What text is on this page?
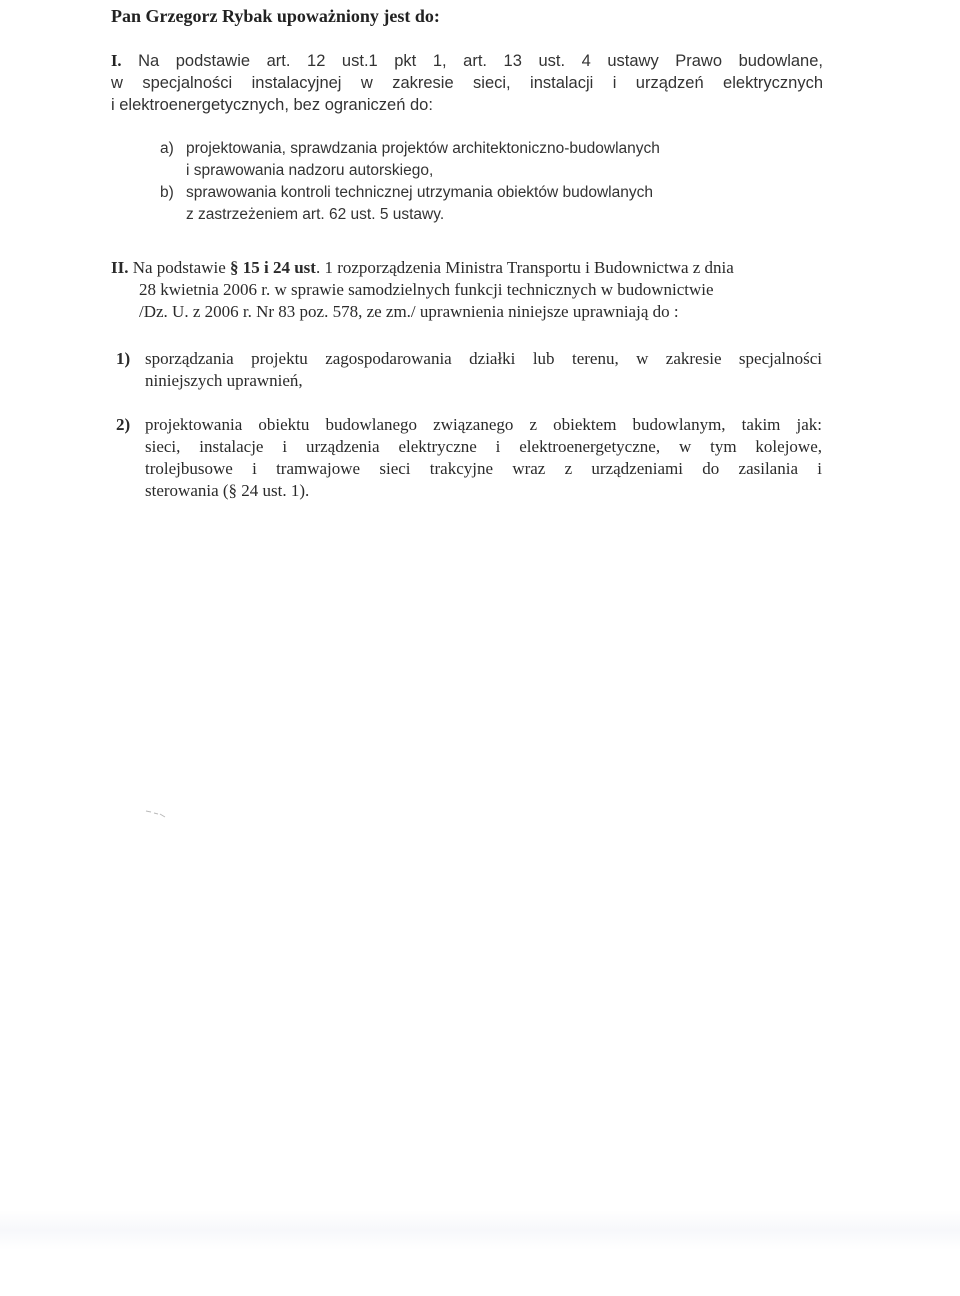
Pan Grzegorz Rybak upoważniony jest do:
I. Na podstawie art. 12 ust.1 pkt 1, art. 13 ust. 4 ustawy Prawo budowlane,
w specjalności instalacyjnej w zakresie sieci, instalacji i urządzeń elektrycznych
i elektroenergetycznych, bez ograniczeń do:
a) projektowania, sprawdzania projektów architektoniczno-budowlanych
i sprawowania nadzoru autorskiego,
b) sprawowania kontroli technicznej utrzymania obiektów budowlanych
z zastrzeżeniem art. 62 ust. 5 ustawy.
II. Na podstawie § 15 i 24 ust. 1 rozporządzenia Ministra Transportu i Budownictwa z dnia
28 kwietnia 2006 r. w sprawie samodzielnych funkcji technicznych w budownictwie
/Dz. U. z 2006 r. Nr 83 poz. 578, ze zm./ uprawnienia niniejsze uprawniają do :
1) sporządzania projektu zagospodarowania działki lub terenu, w zakresie specjalności
niniejszych uprawnień,
2) projektowania obiektu budowlanego związanego z obiektem budowlanym, takim jak:
sieci, instalacje i urządzenia elektryczne i elektroenergetyczne, w tym kolejowe,
trolejbusowe i tramwajowe sieci trakcyjne wraz z urządzeniami do zasilania i
sterowania (§ 24 ust. 1).
